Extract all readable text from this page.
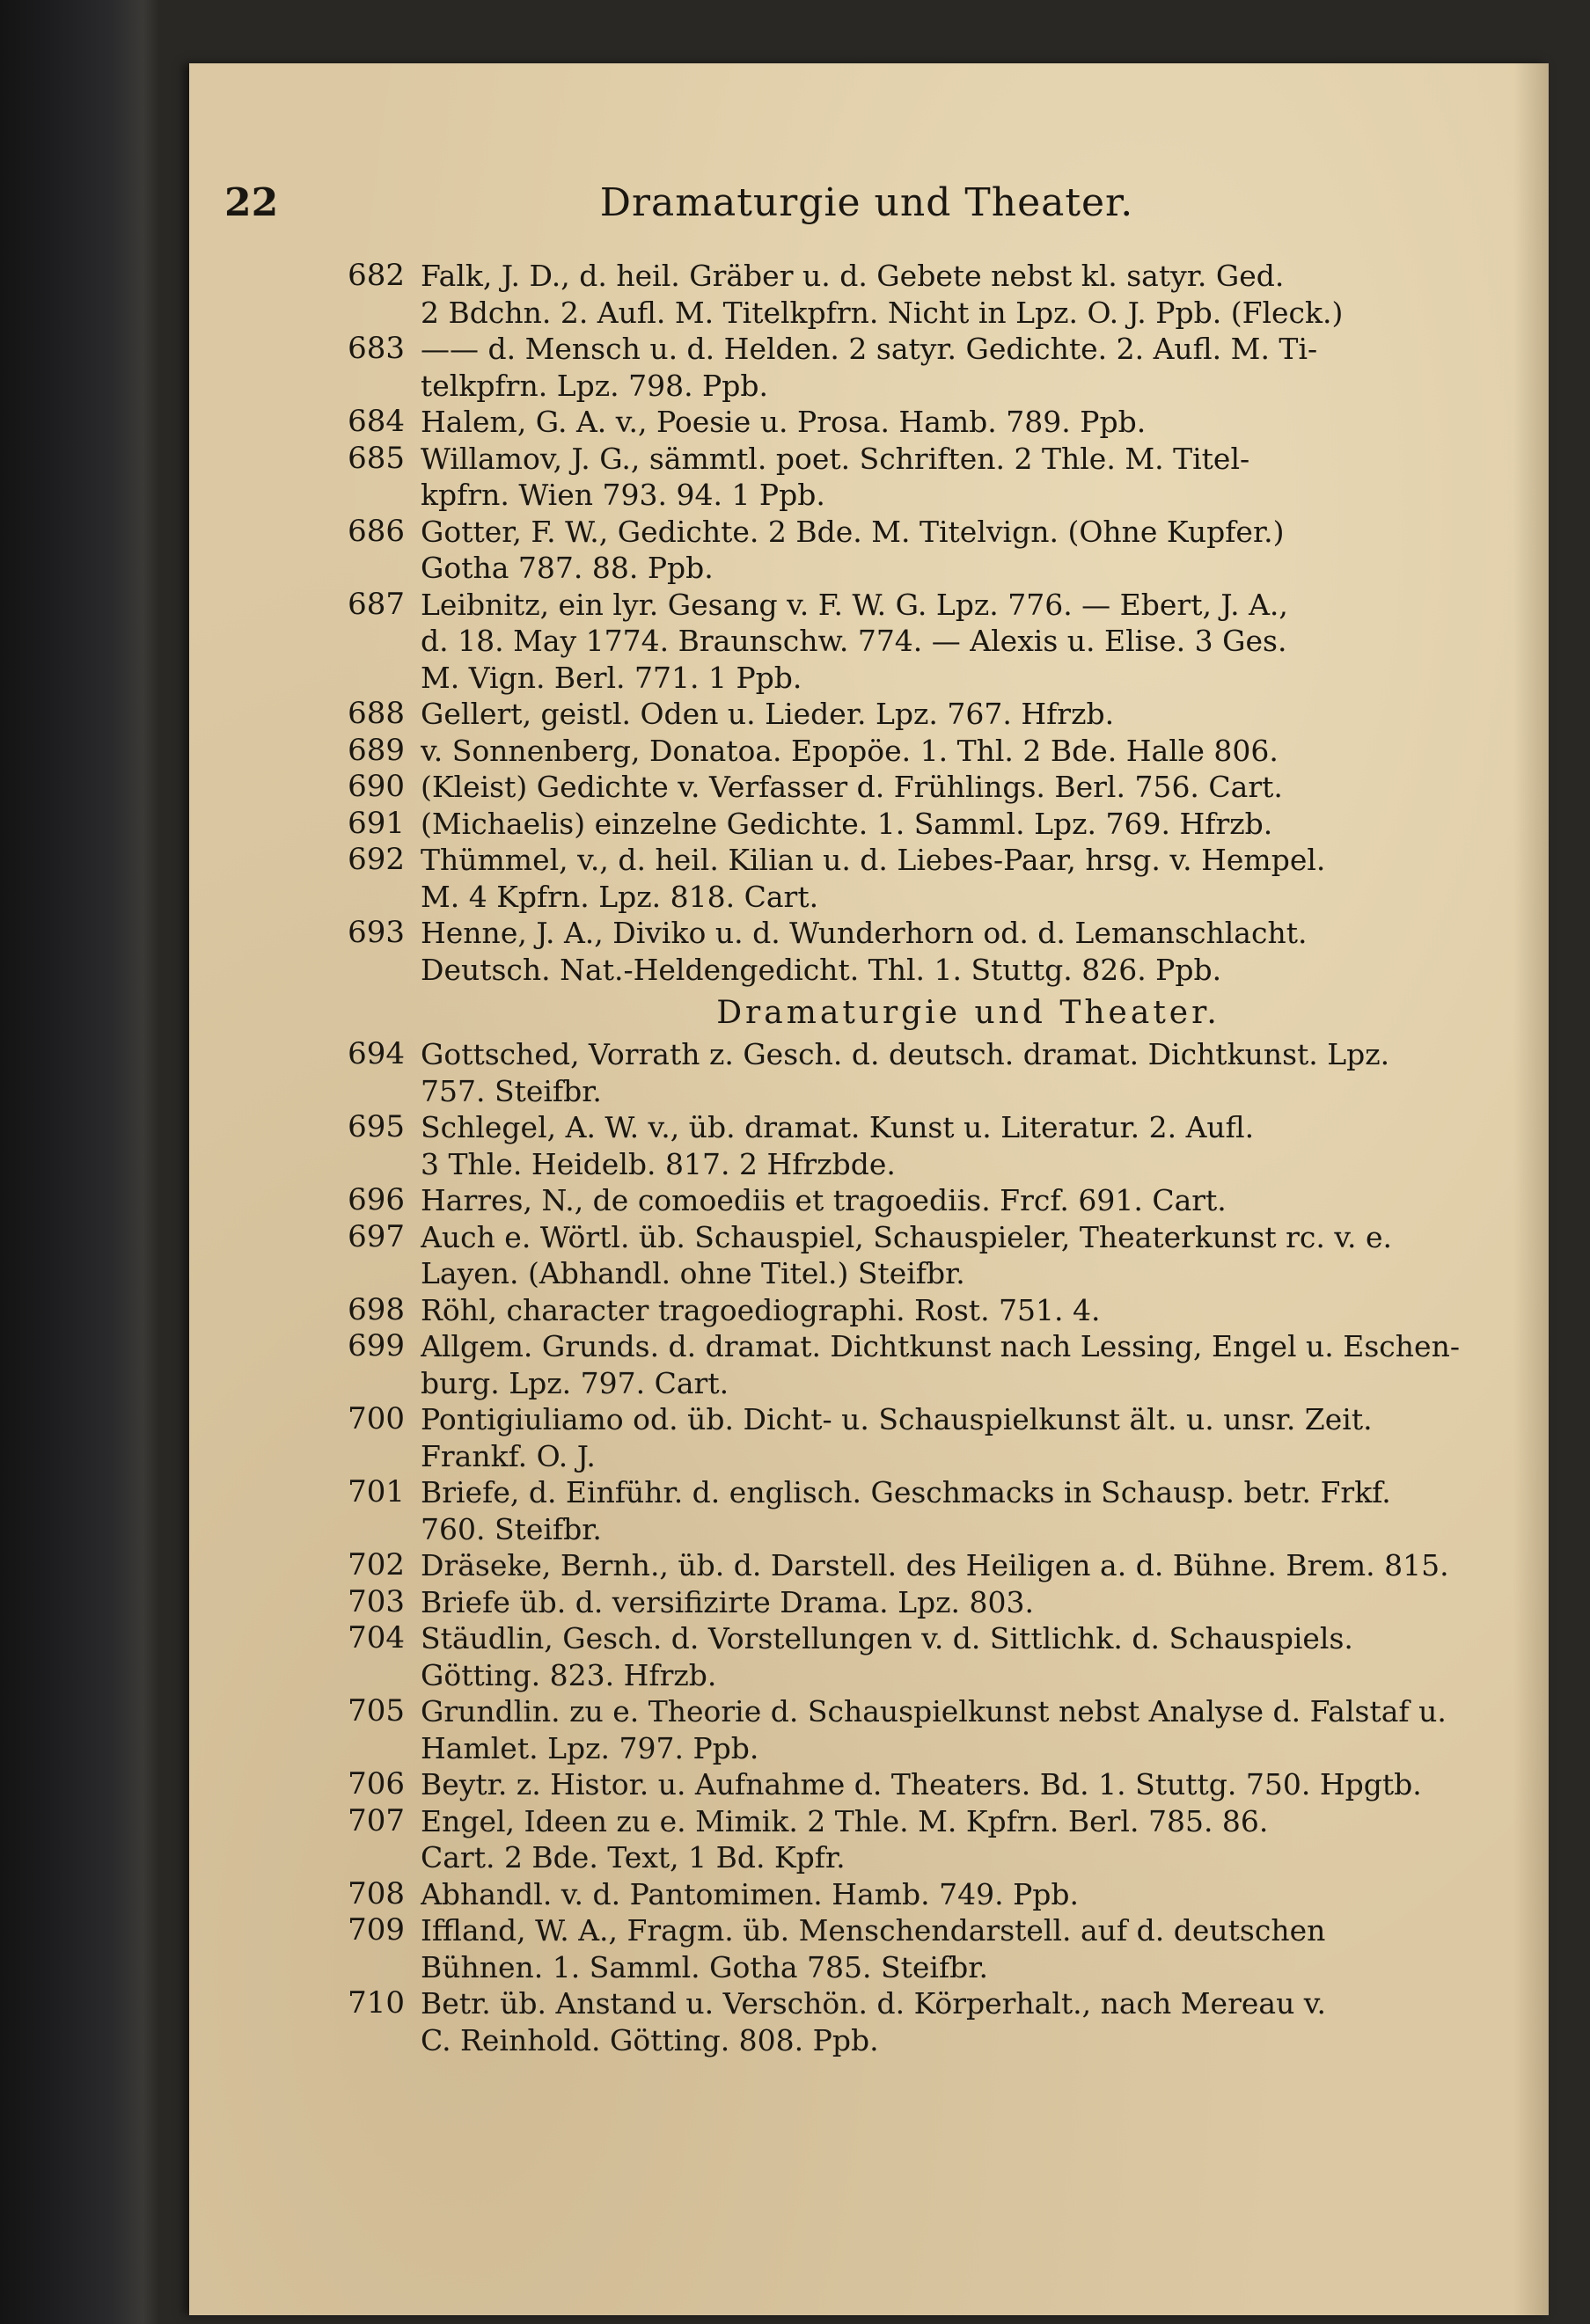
22	Dramaturgie und Theater.
682 Falk, J. D., d. heil. Gräber u. d. Gebete nebst kl. satyr. Ged.
2 Bdchn. 2. Aufl. M. Titelkpfrn. Nicht in Lpz. O. J. Ppb. (Fleck.)
683 —— d. Mensch u. d. Helden. 2 satyr. Gedichte. 2. Aufl. M. Ti-
telkpfrn. Lpz. 798. Ppb.
684 Halem, G. A. v., Poesie u. Prosa. Hamb. 789. Ppb.
685 Willamov, J. G., sämmtl. poet. Schriften. 2 Thle. M. Titel-
kpfrn. Wien 793. 94. 1 Ppb.
686 Gotter, F. W., Gedichte. 2 Bde. M. Titelvign. (Ohne Kupfer.)
Gotha 787. 88. Ppb.
687 Leibnitz, ein lyr. Gesang v. F. W. G. Lpz. 776. — Ebert, J. A.,
d. 18. May 1774. Braunschw. 774. — Alexis u. Elise. 3 Ges.
M. Vign. Berl. 771. 1 Ppb.
688 Gellert, geistl. Oden u. Lieder. Lpz. 767. Hfrzb.
689 v. Sonnenberg, Donatoa. Epopöe. 1. Thl. 2 Bde. Halle 806.
690 (Kleist) Gedichte v. Verfasser d. Frühlings. Berl. 756. Cart.
691 (Michaelis) einzelne Gedichte. 1. Samml. Lpz. 769. Hfrzb.
692 Thümmel, v., d. heil. Kilian u. d. Liebes-Paar, hrsg. v. Hempel.
M. 4 Kpfrn. Lpz. 818. Cart.
693 Henne, J. A., Diviko u. d. Wunderhorn od. d. Lemanschlacht.
Deutsch. Nat.-Heldengedicht. Thl. 1. Stuttg. 826. Ppb.
Dramaturgie und Theater.
694 Gottsched, Vorrath z. Gesch. d. deutsch. dramat. Dichtkunst. Lpz.
757. Steifbr.
695 Schlegel, A. W. v., üb. dramat. Kunst u. Literatur. 2. Aufl.
3 Thle. Heidelb. 817. 2 Hfrzbde.
696 Harres, N., de comoediis et tragoediis. Frcf. 691. Cart.
697 Auch e. Wörtl. üb. Schauspiel, Schauspieler, Theaterkunst rc. v. e.
Layen. (Abhandl. ohne Titel.) Steifbr.
698 Röhl, character tragoediographi. Rost. 751. 4.
699 Allgem. Grunds. d. dramat. Dichtkunst nach Lessing, Engel u. Eschen-
burg. Lpz. 797. Cart.
700 Pontigiuliamo od. üb. Dicht- u. Schauspielkunst ält. u. unsr. Zeit.
Frankf. O. J.
701 Briefe, d. Einführ. d. englisch. Geschmacks in Schausp. betr. Frkf.
760. Steifbr.
702 Dräseke, Bernh., üb. d. Darstell. des Heiligen a. d. Bühne. Brem. 815.
703 Briefe üb. d. versifizirte Drama. Lpz. 803.
704 Stäudlin, Gesch. d. Vorstellungen v. d. Sittlichk. d. Schauspiels.
Götting. 823. Hfrzb.
705 Grundlin. zu e. Theorie d. Schauspielkunst nebst Analyse d. Falstaf u.
Hamlet. Lpz. 797. Ppb.
706 Beytr. z. Histor. u. Aufnahme d. Theaters. Bd. 1. Stuttg. 750. Hpgtb.
707 Engel, Ideen zu e. Mimik. 2 Thle. M. Kpfrn. Berl. 785. 86.
Cart. 2 Bde. Text, 1 Bd. Kpfr.
708 Abhandl. v. d. Pantomimen. Hamb. 749. Ppb.
709 Iffland, W. A., Fragm. üb. Menschendarstell. auf d. deutschen
Bühnen. 1. Samml. Gotha 785. Steifbr.
710 Betr. üb. Anstand u. Verschön. d. Körperhalt., nach Mereau v.
C. Reinhold. Götting. 808. Ppb.
